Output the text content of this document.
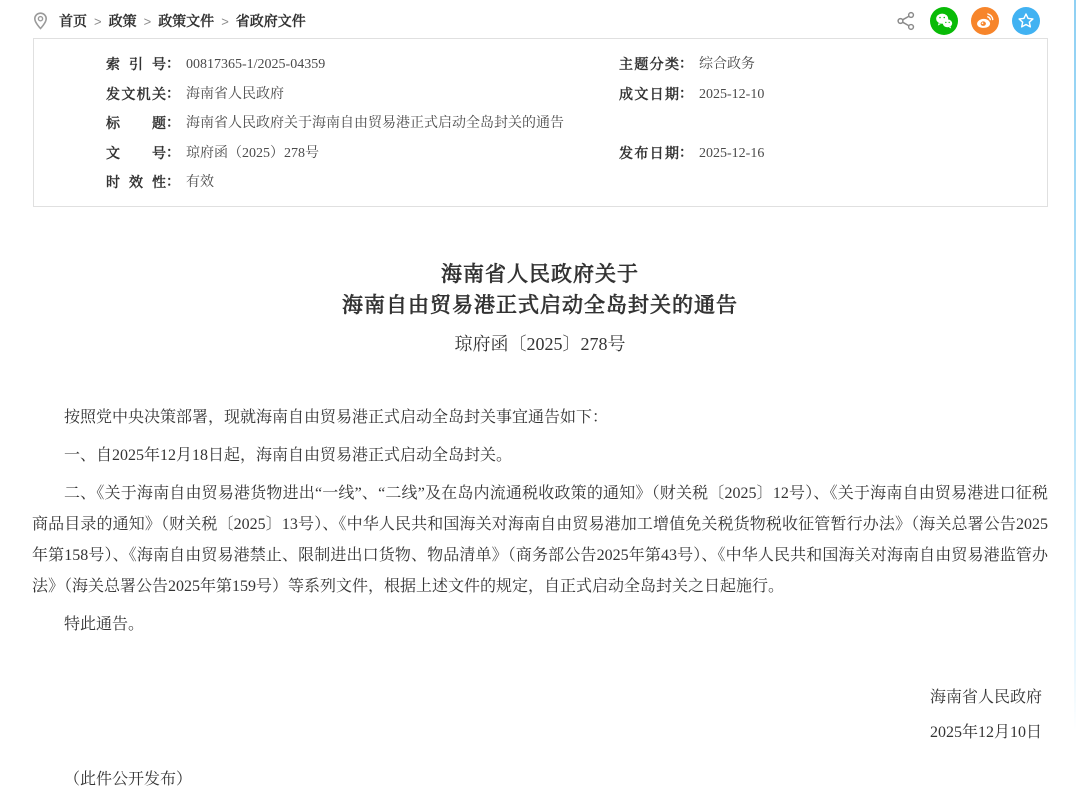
首页 > 政策 > 政策文件 > 省政府文件
索引号： 00817365-1/2025-04359	主题分类： 综合政务
发文机关： 海南省人民政府	成文日期： 2025-12-10
标题： 海南省人民政府关于海南自由贸易港正式启动全岛封关的通告
文号： 琼府函（2025）278号	发布日期： 2025-12-16
时效性： 有效
海南省人民政府关于
海南自由贸易港正式启动全岛封关的通告
琼府函〔2025〕278号

按照党中央决策部署，现就海南自由贸易港正式启动全岛封关事宜通告如下：

一、自2025年12月18日起，海南自由贸易港正式启动全岛封关。

二、《关于海南自由贸易港货物进出“一线”、“二线”及在岛内流通税收政策的通知》（财关税〔2025〕12号）、《关于海南自由贸易港进口征税商品目录的通知》（财关税〔2025〕13号）、《中华人民共和国海关对海南自由贸易港加工增值免关税货物税收征管暂行办法》（海关总署公告2025年第158号）、《海南自由贸易港禁止、限制进出口货物、物品清单》（商务部公告2025年第43号）、《中华人民共和国海关对海南自由贸易港监管办法》（海关总署公告2025年第159号）等系列文件，根据上述文件的规定，自正式启动全岛封关之日起施行。

特此通告。

海南省人民政府
2025年12月10日
（此件公开发布）
